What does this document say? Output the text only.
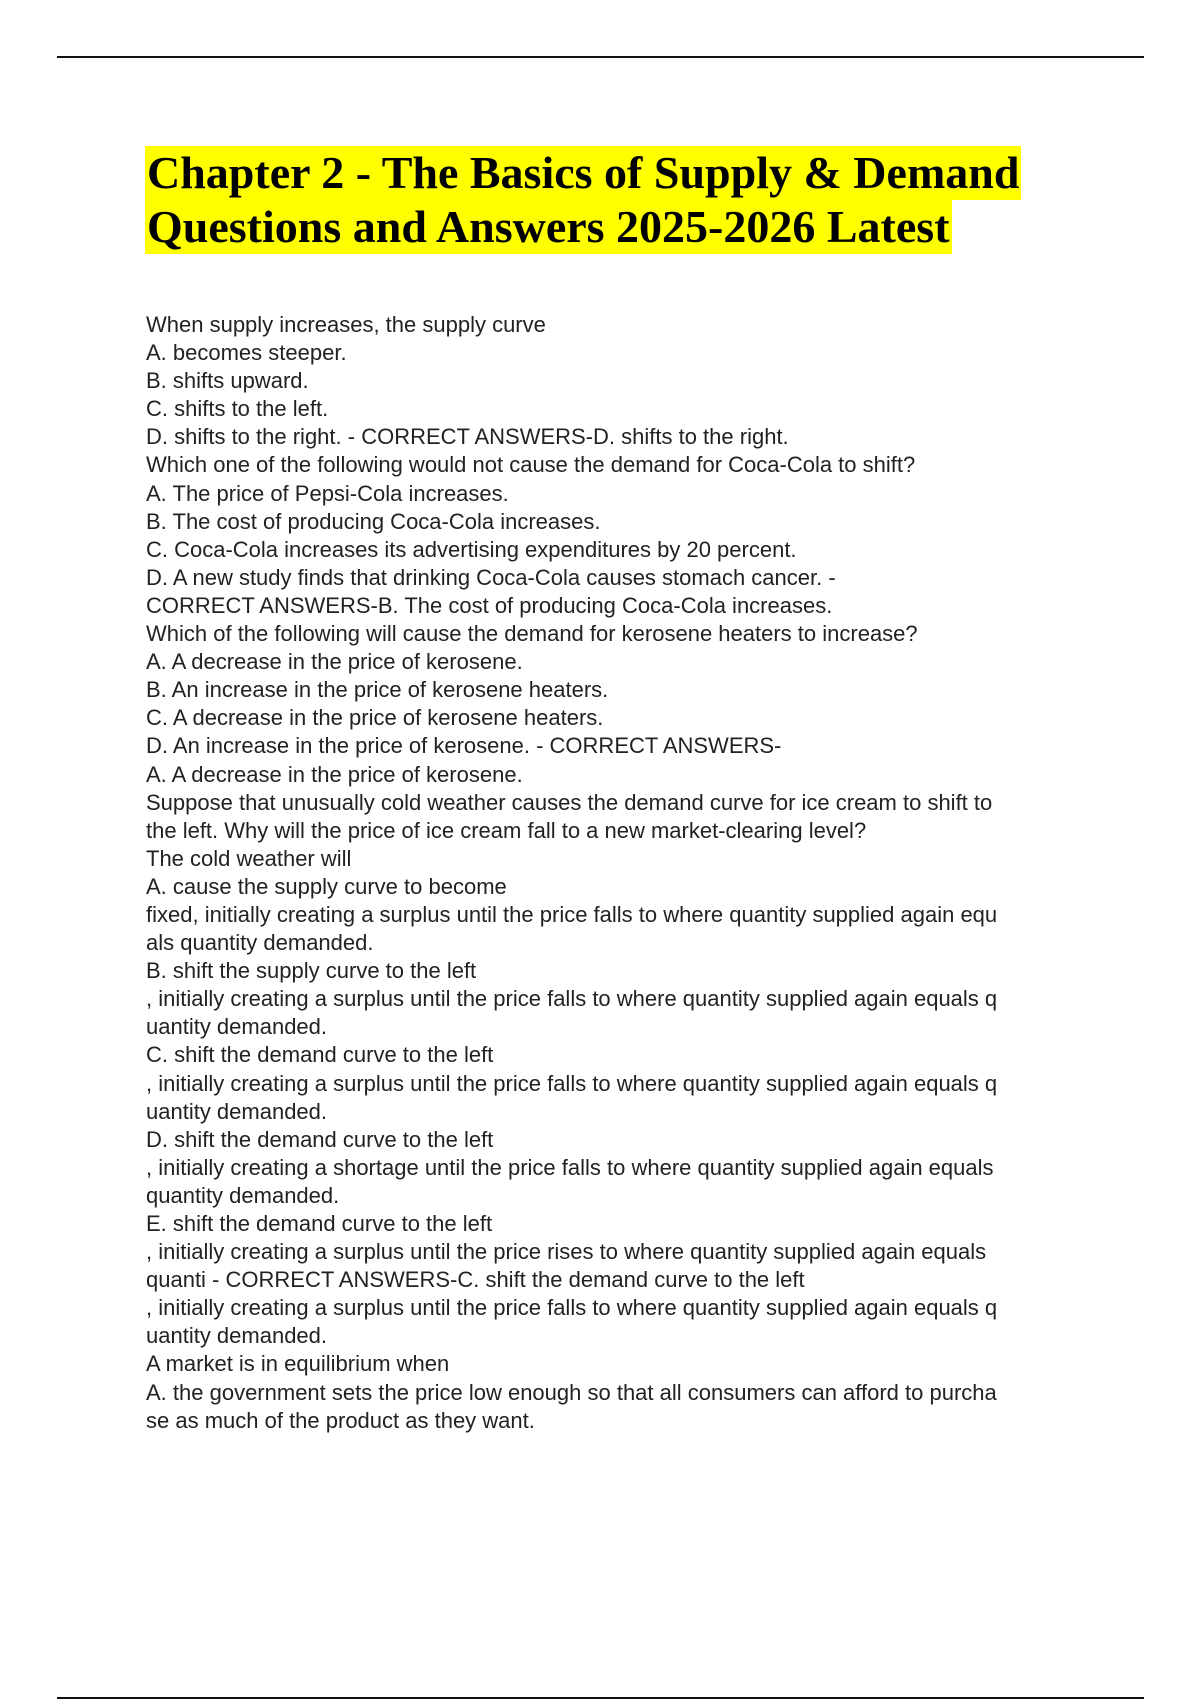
Chapter 2 - The Basics of Supply & Demand
Questions and Answers 2025-2026 Latest
When supply increases, the supply curve
A. becomes steeper.
B. shifts upward.
C. shifts to the left.
D. shifts to the right. - CORRECT ANSWERS-D. shifts to the right.
Which one of the following would not cause the demand for Coca-Cola to shift?
A. The price of Pepsi-Cola increases.
B. The cost of producing Coca-Cola increases.
C. Coca-Cola increases its advertising expenditures by 20 percent.
D. A new study finds that drinking Coca-Cola causes stomach cancer. -
CORRECT ANSWERS-B. The cost of producing Coca-Cola increases.
Which of the following will cause the demand for kerosene heaters to increase?
A. A decrease in the price of kerosene.
B. An increase in the price of kerosene heaters.
C. A decrease in the price of kerosene heaters.
D. An increase in the price of kerosene. - CORRECT ANSWERS-
A. A decrease in the price of kerosene.
Suppose that unusually cold weather causes the demand curve for ice cream to shift to
the left. Why will the price of ice cream fall to a new market-clearing level?
The cold weather will
A. cause the supply curve to become
fixed, initially creating a surplus until the price falls to where quantity supplied again equ
als quantity demanded.
B. shift the supply curve to the left
, initially creating a surplus until the price falls to where quantity supplied again equals q
uantity demanded.
C. shift the demand curve to the left
, initially creating a surplus until the price falls to where quantity supplied again equals q
uantity demanded.
D. shift the demand curve to the left
, initially creating a shortage until the price falls to where quantity supplied again equals
quantity demanded.
E. shift the demand curve to the left
, initially creating a surplus until the price rises to where quantity supplied again equals
quanti - CORRECT ANSWERS-C. shift the demand curve to the left
, initially creating a surplus until the price falls to where quantity supplied again equals q
uantity demanded.
A market is in equilibrium when
A. the government sets the price low enough so that all consumers can afford to purcha
se as much of the product as they want.
